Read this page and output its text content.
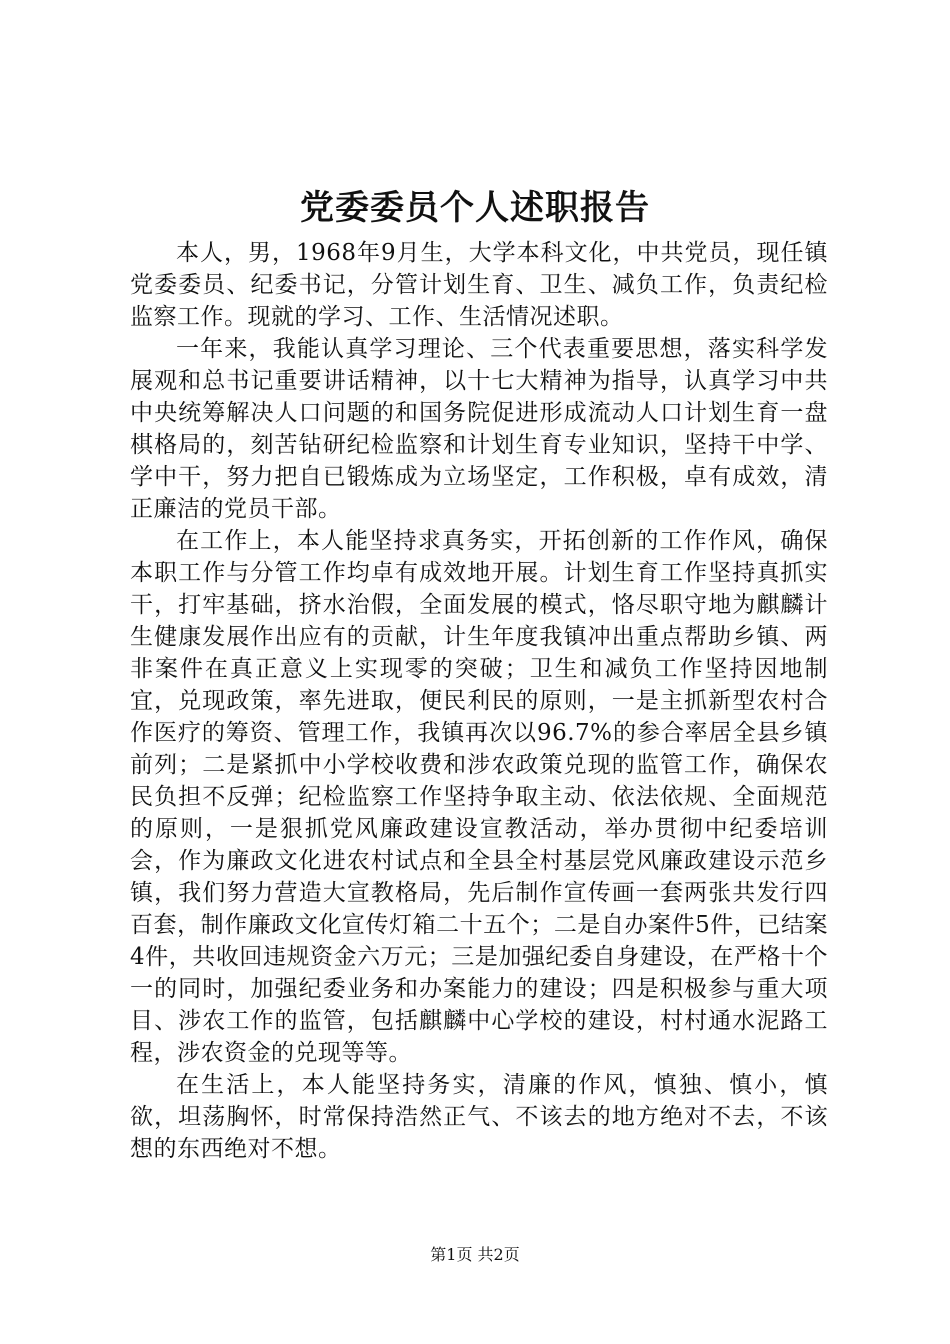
党委委员个人述职报告

本人，男，1968年9月生，大学本科文化，中共党员，现任镇党委委员、纪委书记，分管计划生育、卫生、减负工作，负责纪检监察工作。现就的学习、工作、生活情况述职。

一年来，我能认真学习理论、三个代表重要思想，落实科学发展观和总书记重要讲话精神，以十七大精神为指导，认真学习中共中央统筹解决人口问题的和国务院促进形成流动人口计划生育一盘棋格局的，刻苦钻研纪检监察和计划生育专业知识，坚持干中学、学中干，努力把自已锻炼成为立场坚定，工作积极，卓有成效，清正廉洁的党员干部。

在工作上，本人能坚持求真务实，开拓创新的工作作风，确保本职工作与分管工作均卓有成效地开展。计划生育工作坚持真抓实干，打牢基础，挤水治假，全面发展的模式，恪尽职守地为麒麟计生健康发展作出应有的贡献，计生年度我镇冲出重点帮助乡镇、两非案件在真正意义上实现零的突破；卫生和减负工作坚持因地制宜，兑现政策，率先进取，便民利民的原则，一是主抓新型农村合作医疗的筹资、管理工作，我镇再次以96.7%的参合率居全县乡镇前列；二是紧抓中小学校收费和涉农政策兑现的监管工作，确保农民负担不反弹；纪检监察工作坚持争取主动、依法依规、全面规范的原则，一是狠抓党风廉政建设宣教活动，举办贯彻中纪委培训会，作为廉政文化进农村试点和全县全村基层党风廉政建设示范乡镇，我们努力营造大宣教格局，先后制作宣传画一套两张共发行四百套，制作廉政文化宣传灯箱二十五个；二是自办案件5件，已结案4件，共收回违规资金六万元；三是加强纪委自身建设，在严格十个一的同时，加强纪委业务和办案能力的建设；四是积极参与重大项目、涉农工作的监管，包括麒麟中心学校的建设，村村通水泥路工程，涉农资金的兑现等等。

在生活上，本人能坚持务实，清廉的作风，慎独、慎小，慎欲，坦荡胸怀，时常保持浩然正气、不该去的地方绝对不去，不该想的东西绝对不想。

第1页 共2页
